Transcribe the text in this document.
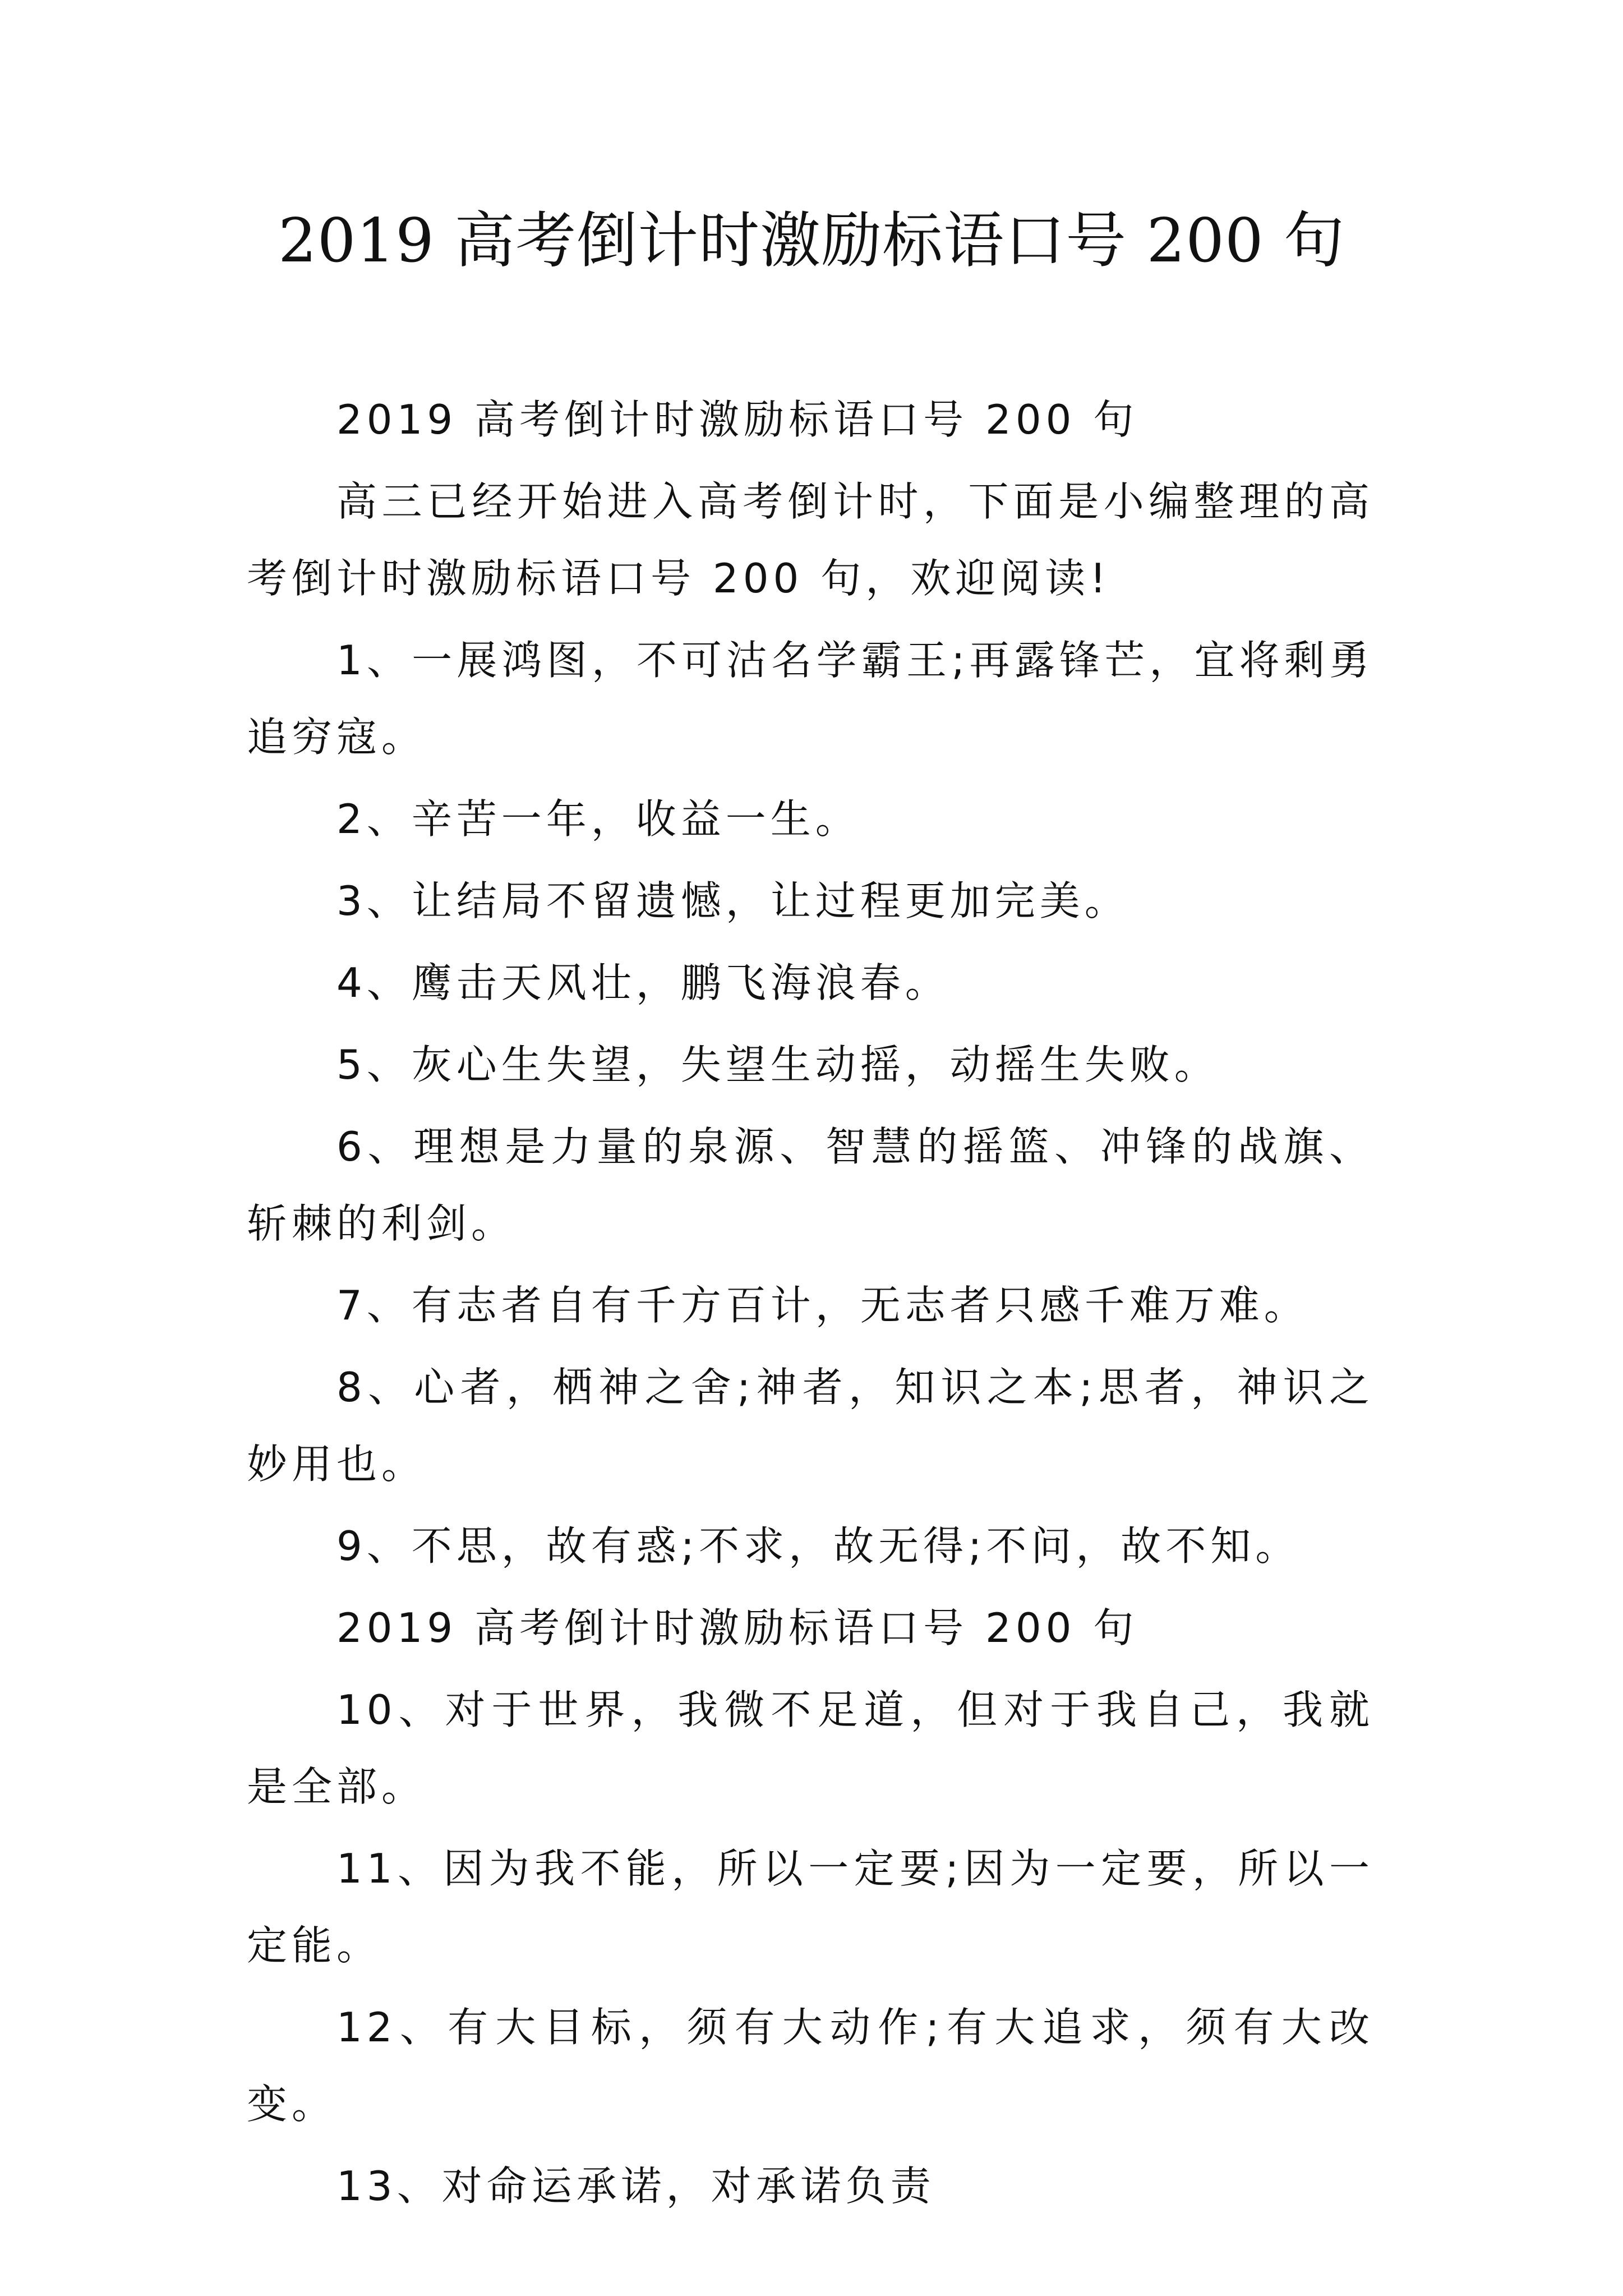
2019 高考倒计时激励标语口号 200 句

2019 高考倒计时激励标语口号 200 句

高三已经开始进入高考倒计时，下面是小编整理的高考倒计时激励标语口号 200 句，欢迎阅读!

1、一展鸿图，不可沽名学霸王;再露锋芒，宜将剩勇追穷寇。

2、辛苦一年，收益一生。

3、让结局不留遗憾，让过程更加完美。

4、鹰击天风壮，鹏飞海浪春。

5、灰心生失望，失望生动摇，动摇生失败。

6、理想是力量的泉源、智慧的摇篮、冲锋的战旗、斩棘的利剑。

7、有志者自有千方百计，无志者只感千难万难。

8、心者，栖神之舍;神者，知识之本;思者，神识之妙用也。

9、不思，故有惑;不求，故无得;不问，故不知。

2019 高考倒计时激励标语口号 200 句

10、对于世界，我微不足道，但对于我自己，我就是全部。

11、因为我不能，所以一定要;因为一定要，所以一定能。

12、有大目标，须有大动作;有大追求，须有大改变。

13、对命运承诺，对承诺负责
